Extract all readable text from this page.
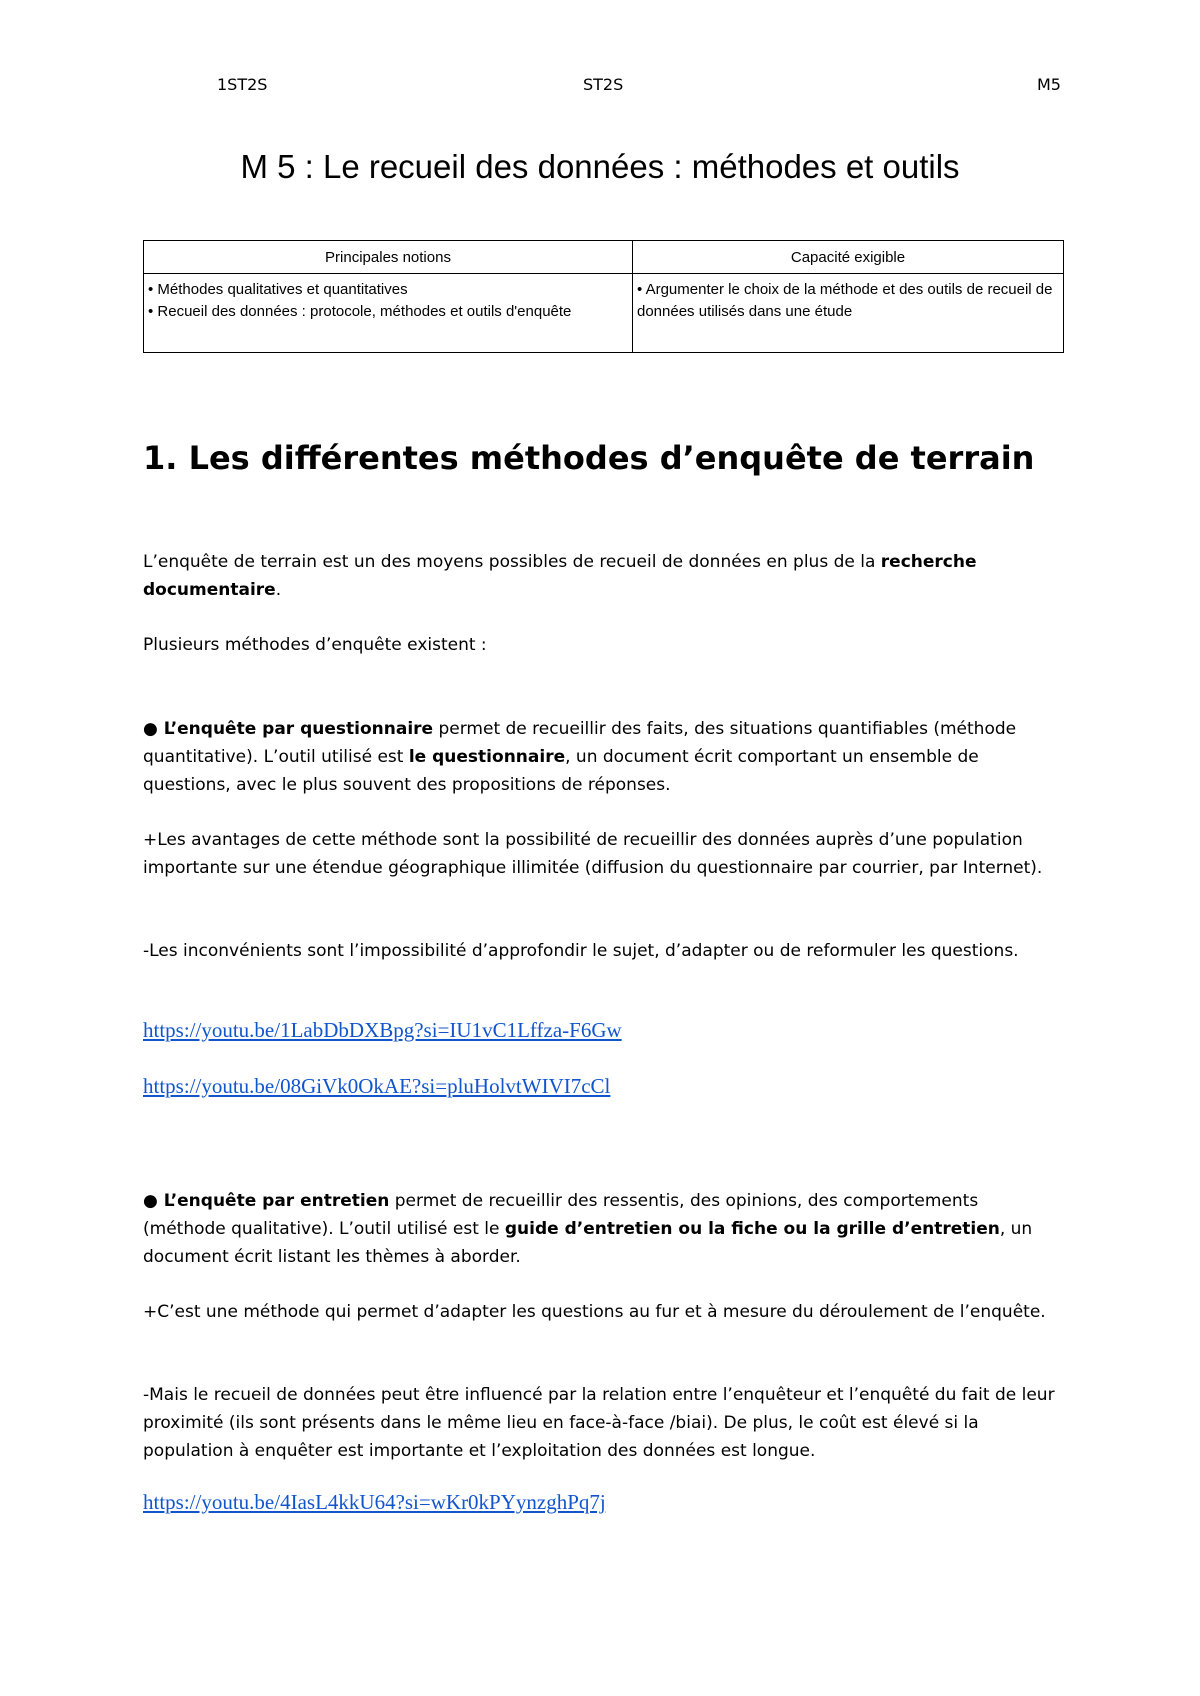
1ST2S	ST2S	M5
M 5 : Le recueil des données : méthodes et outils
Principales notions	Capacité exigible

• Méthodes qualitatives et quantitatives
• Recueil des données : protocole, méthodes et outils d'enquête	• Argumenter le choix de la méthode et des outils de recueil de données utilisés dans une étude
1. Les différentes méthodes d’enquête de terrain
L’enquête de terrain est un des moyens possibles de recueil de données en plus de la recherche documentaire.
Plusieurs méthodes d’enquête existent :
● L’enquête par questionnaire permet de recueillir des faits, des situations quantifiables (méthode quantitative). L’outil utilisé est le questionnaire, un document écrit comportant un ensemble de questions, avec le plus souvent des propositions de réponses.
+Les avantages de cette méthode sont la possibilité de recueillir des données auprès d’une population importante sur une étendue géographique illimitée (diffusion du questionnaire par courrier, par Internet).
-Les inconvénients sont l’impossibilité d’approfondir le sujet, d’adapter ou de reformuler les questions.
https://youtu.be/1LabDbDXBpg?si=IU1vC1Lffza-F6Gw
https://youtu.be/08GiVk0OkAE?si=pluHolvtWIVI7cCl
● L’enquête par entretien permet de recueillir des ressentis, des opinions, des comportements (méthode qualitative). L’outil utilisé est le guide d’entretien ou la fiche ou la grille d’entretien, un document écrit listant les thèmes à aborder.
+C’est une méthode qui permet d’adapter les questions au fur et à mesure du déroulement de l’enquête.
-Mais le recueil de données peut être influencé par la relation entre l’enquêteur et l’enquêté du fait de leur proximité (ils sont présents dans le même lieu en face-à-face /biai). De plus, le coût est élevé si la population à enquêter est importante et l’exploitation des données est longue.
https://youtu.be/4IasL4kkU64?si=wKr0kPYynzghPq7j
